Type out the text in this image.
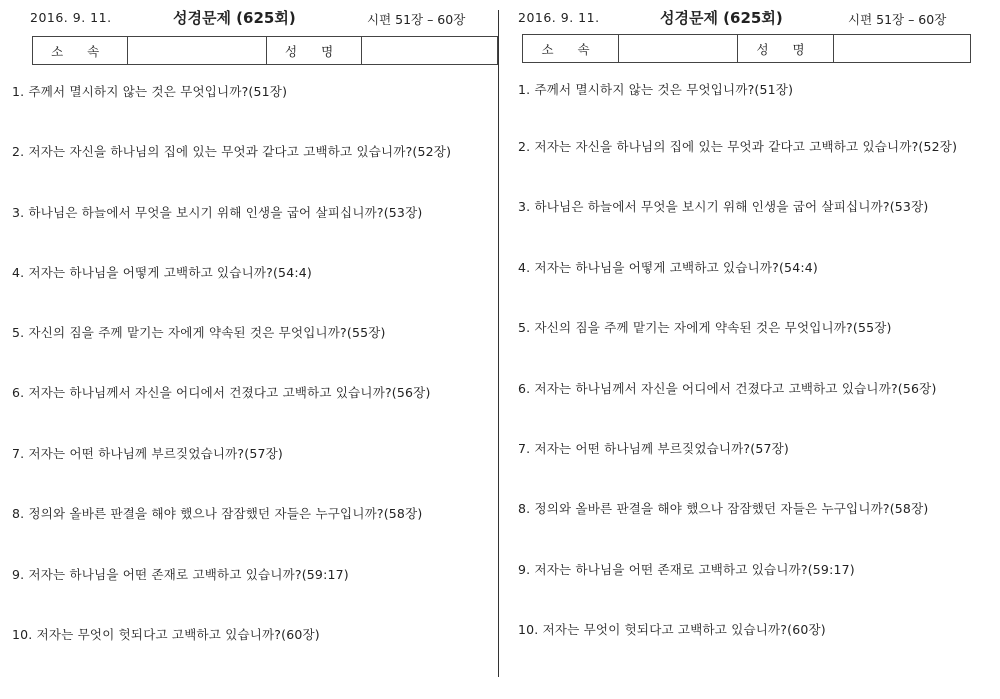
2016. 9. 11.	성경문제 (625회)	시편 51장 – 60장
소 속		성 명	
1. 주께서 멸시하지 않는 것은 무엇입니까?(51장)
2. 저자는 자신을 하나님의 집에 있는 무엇과 같다고 고백하고 있습니까?(52장)
3. 하나님은 하늘에서 무엇을 보시기 위해 인생을 굽어 살피십니까?(53장)
4. 저자는 하나님을 어떻게 고백하고 있습니까?(54:4)
5. 자신의 짐을 주께 맡기는 자에게 약속된 것은 무엇입니까?(55장)
6. 저자는 하나님께서 자신을 어디에서 건졌다고 고백하고 있습니까?(56장)
7. 저자는 어떤 하나님께 부르짖었습니까?(57장)
8. 정의와 올바른 판결을 해야 했으나 잠잠했던 자들은 누구입니까?(58장)
9. 저자는 하나님을 어떤 존재로 고백하고 있습니까?(59:17)
10. 저자는 무엇이 헛되다고 고백하고 있습니까?(60장)
2016. 9. 11.	성경문제 (625회)	시편 51장 – 60장
소 속		성 명	
1. 주께서 멸시하지 않는 것은 무엇입니까?(51장)
2. 저자는 자신을 하나님의 집에 있는 무엇과 같다고 고백하고 있습니까?(52장)
3. 하나님은 하늘에서 무엇을 보시기 위해 인생을 굽어 살피십니까?(53장)
4. 저자는 하나님을 어떻게 고백하고 있습니까?(54:4)
5. 자신의 짐을 주께 맡기는 자에게 약속된 것은 무엇입니까?(55장)
6. 저자는 하나님께서 자신을 어디에서 건졌다고 고백하고 있습니까?(56장)
7. 저자는 어떤 하나님께 부르짖었습니까?(57장)
8. 정의와 올바른 판결을 해야 했으나 잠잠했던 자들은 누구입니까?(58장)
9. 저자는 하나님을 어떤 존재로 고백하고 있습니까?(59:17)
10. 저자는 무엇이 헛되다고 고백하고 있습니까?(60장)
